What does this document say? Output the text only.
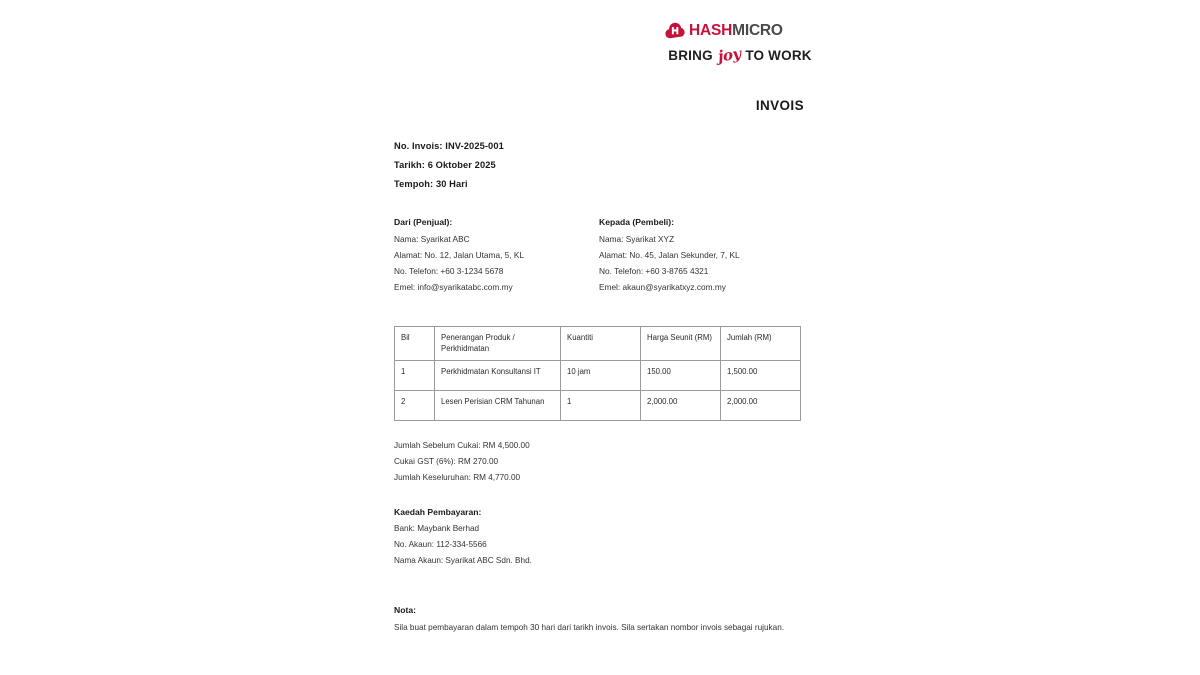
HASHMICRO
BRING joy TO WORK
INVOIS
No. Invois: INV-2025-001
Tarikh: 6 Oktober 2025
Tempoh: 30 Hari
Dari (Penjual):
Nama: Syarikat ABC
Alamat: No. 12, Jalan Utama, 5, KL
No. Telefon: +60 3-1234 5678
Emel: info@syarikatabc.com.my
Kepada (Pembeli):
Nama: Syarikat XYZ
Alamat: No. 45, Jalan Sekunder, 7, KL
No. Telefon: +60 3-8765 4321
Emel: akaun@syarikatxyz.com.my
Bil	Penerangan Produk / Perkhidmatan	Kuantiti	Harga Seunit (RM)	Jumlah (RM)
1	Perkhidmatan Konsultansi IT	10 jam	150.00	1,500.00
2	Lesen Perisian CRM Tahunan	1	2,000.00	2,000.00
Jumlah Sebelum Cukai: RM 4,500.00
Cukai GST (6%): RM 270.00
Jumlah Keseluruhan: RM 4,770.00
Kaedah Pembayaran:
Bank: Maybank Berhad
No. Akaun: 112-334-5566
Nama Akaun: Syarikat ABC Sdn. Bhd.
Nota:
Sila buat pembayaran dalam tempoh 30 hari dari tarikh invois. Sila sertakan nombor invois sebagai rujukan.
